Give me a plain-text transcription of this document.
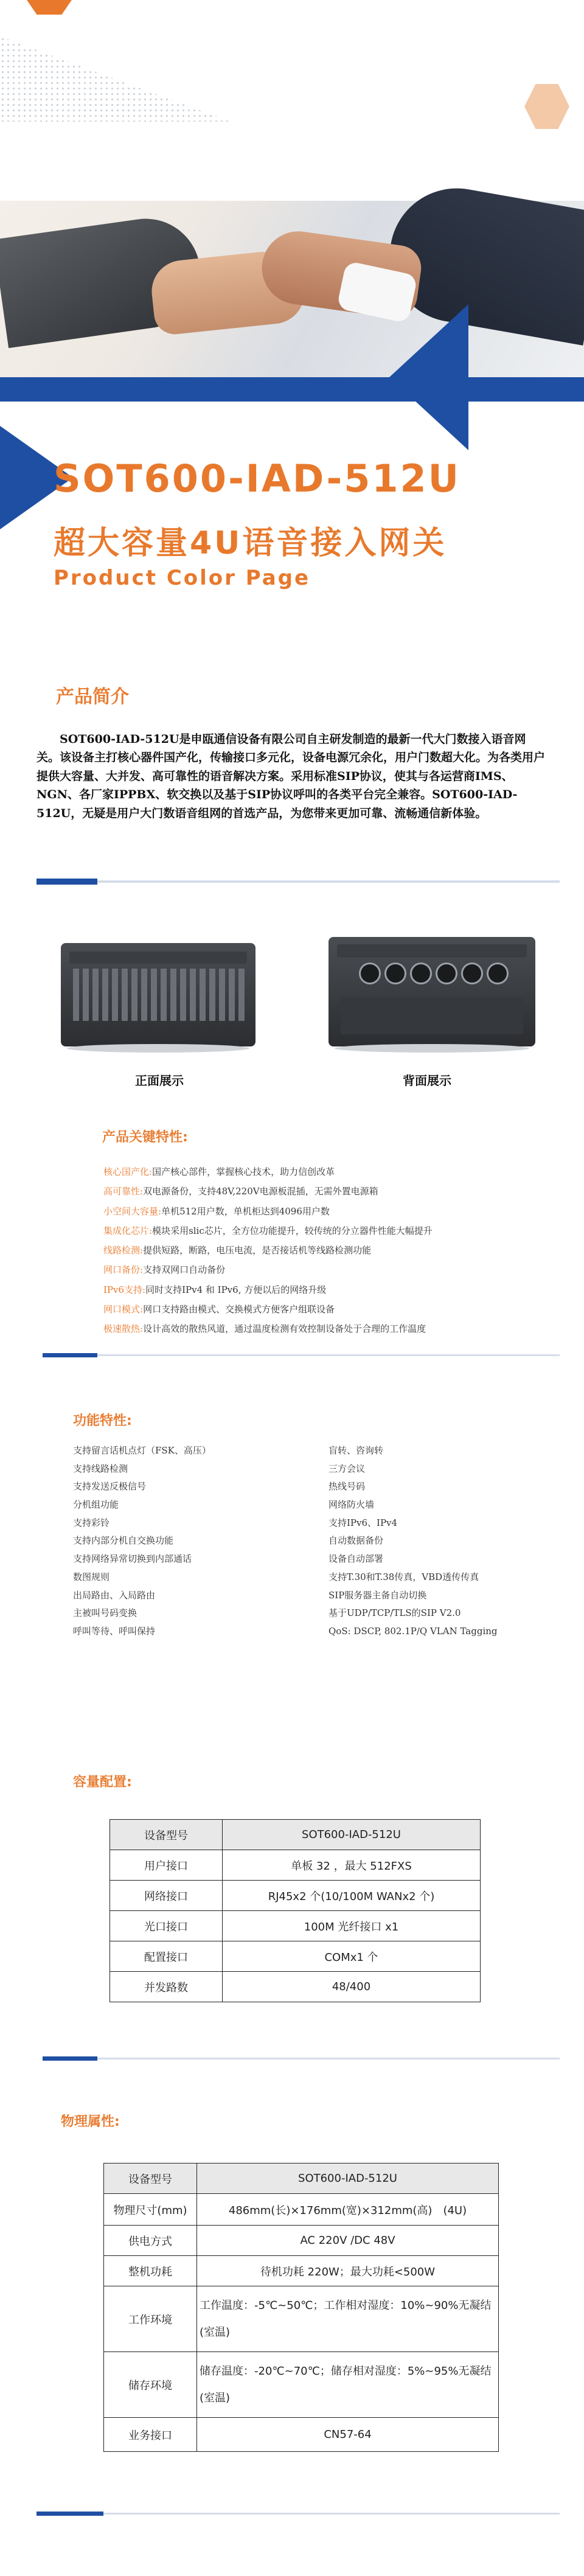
SOT600-IAD-512U
超大容量4U语音接入网关
Product Color Page
产品简介
SOT600-IAD-512U是申瓯通信设备有限公司自主研发制造的最新一代大门数接入语音网关。该设备主打核心器件国产化，传输接口多元化，设备电源冗余化，用户门数超大化。为各类用户提供大容量、大并发、高可靠性的语音解决方案。采用标准SIP协议，使其与各运营商IMS、NGN、各厂家IPPBX、软交换以及基于SIP协议呼叫的各类平台完全兼容。SOT600-IAD-512U，无疑是用户大门数语音组网的首选产品，为您带来更加可靠、流畅通信新体验。
正面展示	背面展示
产品关键特性:
核心国产化:国产核心部件，掌握核心技术，助力信创改革
高可靠性:双电源备份，支持48V,220V电源板混插，无需外置电源箱
小空间大容量:单机512用户数，单机柜达到4096用户数
集成化芯片:模块采用slic芯片，全方位功能提升，较传统的分立器件性能大幅提升
线路检测:提供短路，断路，电压电流，是否接话机等线路检测功能
网口备份:支持双网口自动备份
IPv6支持:同时支持IPv4 和 IPv6, 方便以后的网络升级
网口模式:网口支持路由模式、交换模式方便客户组联设备
极速散热:设计高效的散热风道，通过温度检测有效控制设备处于合理的工作温度
功能特性:
支持留言话机点灯（FSK、高压）
支持线路检测
支持发送反极信号
分机组功能
支持彩铃
支持内部分机自交换功能
支持网络异常切换到内部通话
数图规则
出局路由、入局路由
主被叫号码变换
呼叫等待、呼叫保持
盲转、咨询转
三方会议
热线号码
网络防火墙
支持IPv6、IPv4
自动数据备份
设备自动部署
支持T.30和T.38传真，VBD透传传真
SIP服务器主备自动切换
基于UDP/TCP/TLS的SIP V2.0
QoS: DSCP, 802.1P/Q VLAN Tagging
容量配置:
设备型号	SOT600-IAD-512U
用户接口	单板 32 ，最大 512FXS
网络接口	RJ45x2 个(10/100M WANx2 个)
光口接口	100M 光纤接口 x1
配置接口	COMx1 个
并发路数	48/400
物理属性:
设备型号	SOT600-IAD-512U
物理尺寸(mm)	486mm(长)×176mm(宽)×312mm(高)　(4U)
供电方式	AC 220V /DC 48V
整机功耗	待机功耗 220W；最大功耗<500W
工作环境	工作温度：-5℃~50℃；工作相对湿度：10%~90%无凝结(室温)
储存环境	储存温度：-20℃~70℃；储存相对湿度：5%~95%无凝结(室温)
业务接口	CN57-64
